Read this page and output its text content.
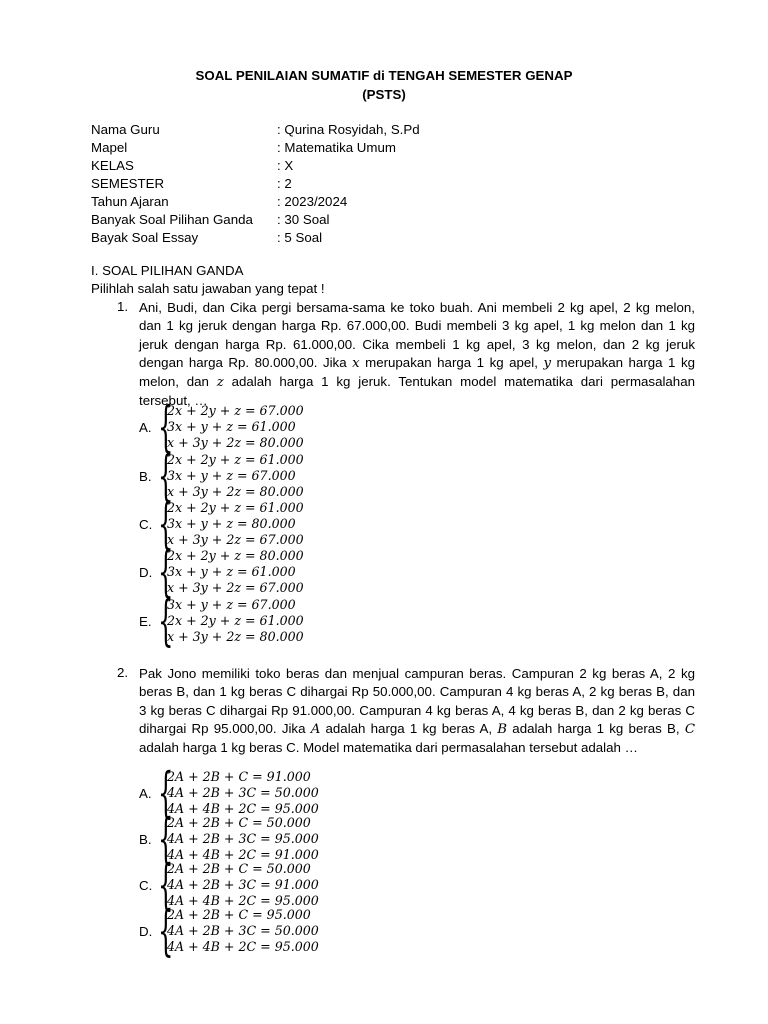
SOAL PENILAIAN SUMATIF di TENGAH SEMESTER GENAP
(PSTS)
Nama Guru	: Qurina Rosyidah, S.Pd
Mapel	: Matematika Umum
KELAS	: X
SEMESTER	: 2
Tahun Ajaran	: 2023/2024
Banyak Soal Pilihan Ganda : 30 Soal
Bayak Soal Essay	: 5 Soal
I. SOAL PILIHAN GANDA
Pilihlah salah satu jawaban yang tepat !
1. Ani, Budi, dan Cika pergi bersama-sama ke toko buah. Ani membeli 2 kg apel, 2 kg melon, dan 1 kg jeruk dengan harga Rp. 67.000,00. Budi membeli 3 kg apel, 1 kg melon dan 1 kg jeruk dengan harga Rp. 61.000,00. Cika membeli 1 kg apel, 3 kg melon, dan 2 kg jeruk dengan harga Rp. 80.000,00. Jika x merupakan harga 1 kg apel, y merupakan harga 1 kg melon, dan z adalah harga 1 kg jeruk. Tentukan model matematika dari permasalahan tersebut, …
A. {
2x + 2y + z = 67.000
3x + y + z = 61.000
x + 3y + 2z = 80.000
B. {
2x + 2y + z = 61.000
3x + y + z = 67.000
x + 3y + 2z = 80.000
C. {
2x + 2y + z = 61.000
3x + y + z = 80.000
x + 3y + 2z = 67.000
D. {
2x + 2y + z = 80.000
3x + y + z = 61.000
x + 3y + 2z = 67.000
E. {
3x + y + z = 67.000
2x + 2y + z = 61.000
x + 3y + 2z = 80.000
2. Pak Jono memiliki toko beras dan menjual campuran beras. Campuran 2 kg beras A, 2 kg beras B, dan 1 kg beras C dihargai Rp 50.000,00. Campuran 4 kg beras A, 2 kg beras B, dan 3 kg beras C dihargai Rp 91.000,00. Campuran 4 kg beras A, 4 kg beras B, dan 2 kg beras C dihargai Rp 95.000,00. Jika A adalah harga 1 kg beras A, B adalah harga 1 kg beras B, C adalah harga 1 kg beras C. Model matematika dari permasalahan tersebut adalah …
A. {
2A + 2B + C = 91.000
4A + 2B + 3C = 50.000
4A + 4B + 2C = 95.000
B. {
2A + 2B + C = 50.000
4A + 2B + 3C = 95.000
4A + 4B + 2C = 91.000
C. {
2A + 2B + C = 50.000
4A + 2B + 3C = 91.000
4A + 4B + 2C = 95.000
D. {
2A + 2B + C = 95.000
4A + 2B + 3C = 50.000
4A + 4B + 2C = 95.000
